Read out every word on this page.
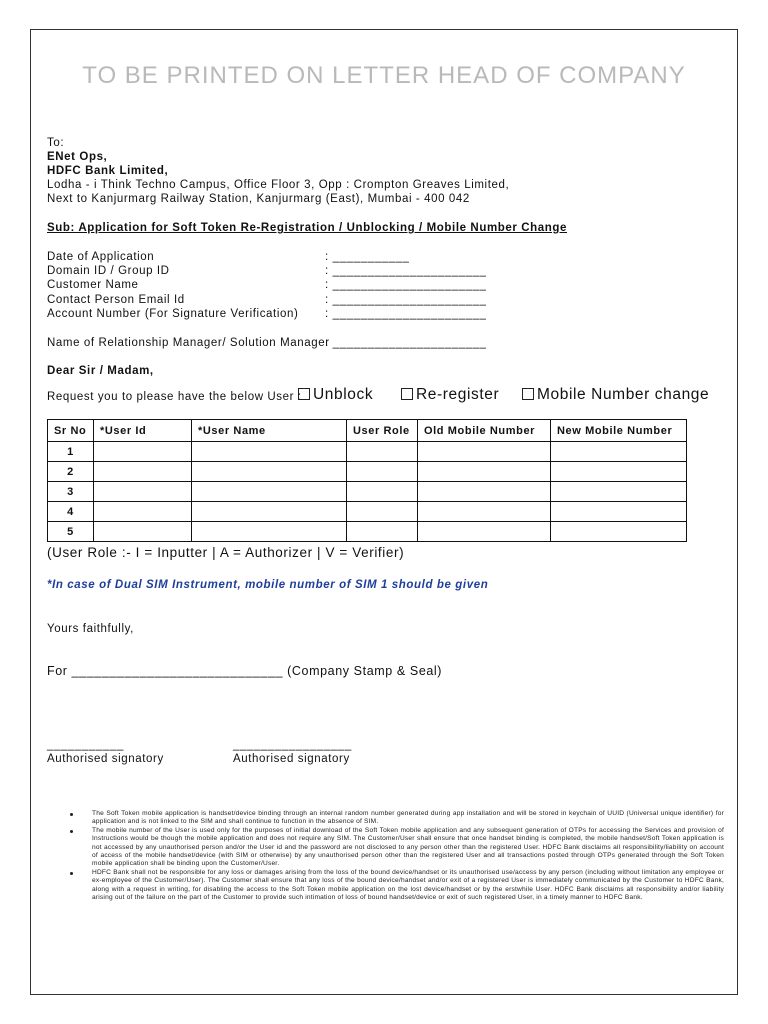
TO BE PRINTED ON LETTER HEAD OF COMPANY
To:
ENet Ops,
HDFC Bank Limited,
Lodha - i Think Techno Campus, Office Floor 3, Opp : Crompton Greaves Limited,
Next to Kanjurmarg Railway Station, Kanjurmarg (East), Mumbai - 400 042
Sub: Application for Soft Token Re-Registration / Unblocking / Mobile Number Change
Date of Application	: ___________
Domain ID / Group ID	: ______________________
Customer Name	: ______________________
Contact Person Email Id	: ______________________
Account Number (For Signature Verification) : ______________________
Name of Relationship Manager/ Solution Manager
: ______________________
Dear Sir / Madam,
Request you to please have the below User : Unblock	Re-register	Mobile Number change
Sr No	*User Id	*User Name	User Role	Old Mobile Number	New Mobile Number
1					
2					
3					
4					
5					
(User Role :- I = Inputter | A = Authorizer | V = Verifier)
*In case of Dual SIM Instrument, mobile number of SIM 1 should be given
Yours faithfully,
For ____________________________ (Company Stamp & Seal)
___________
Authorised signatory
_________________
Authorised signatory
The Soft Token mobile application is handset/device binding through an internal random number generated during app installation and will be stored in keychain of UUID (Universal unique identifier) for application and is not linked to the SIM and shall continue to function in the absence of SIM.
The mobile number of the User is used only for the purposes of initial download of the Soft Token mobile application and any subsequent generation of OTPs for accessing the Services and provision of Instructions would be though the mobile application and does not require any SIM. The Customer/User shall ensure that once handset binding is completed, the mobile handset/Soft Token application is not accessed by any unauthorised person and/or the User id and the password are not disclosed to any person other than the registered User. HDFC Bank disclaims all responsibility/liability on account of access of the mobile handset/device (with SIM or otherwise) by any unauthorised person other than the registered User and all transactions posted through OTPs generated through the Soft Token mobile application shall be binding upon the Customer/User.
HDFC Bank shall not be responsible for any loss or damages arising from the loss of the bound device/handset or its unauthorised use/access by any person (including without limitation any employee or ex-employee of the Customer/User). The Customer shall ensure that any loss of the bound device/handset and/or exit of a registered User is immediately communicated by the Customer to HDFC Bank, along with a request in writing, for disabling the access to the Soft Token mobile application on the lost device/handset or by the erstwhile User. HDFC Bank disclaims all responsibility and/or liability arising out of the failure on the part of the Customer to provide such intimation of loss of bound handset/device or exit of such registered User, in a timely manner to HDFC Bank.
